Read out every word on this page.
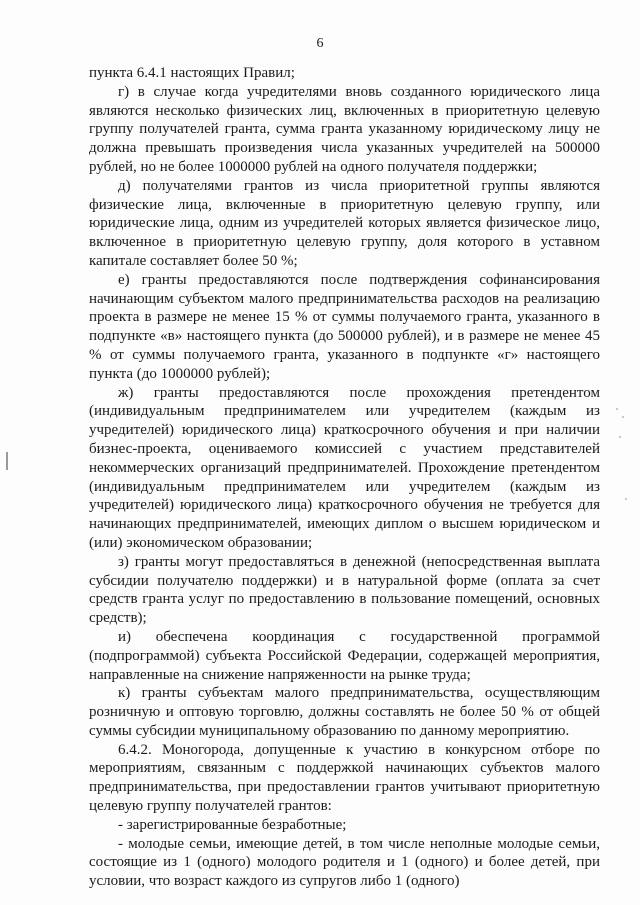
6

пункта 6.4.1 настоящих Правил;

г) в случае когда учредителями вновь созданного юридического лица являются несколько физических лиц, включенных в приоритетную целевую группу получателей гранта, сумма гранта указанному юридическому лицу не должна превышать произведения числа указанных учредителей на 500000 рублей, но не более 1000000 рублей на одного получателя поддержки;

д) получателями грантов из числа приоритетной группы являются физические лица, включенные в приоритетную целевую группу, или юридические лица, одним из учредителей которых является физическое лицо, включенное в приоритетную целевую группу, доля которого в уставном капитале составляет более 50 %;

е) гранты предоставляются после подтверждения софинансирования начинающим субъектом малого предпринимательства расходов на реализацию проекта в размере не менее 15 % от суммы получаемого гранта, указанного в подпункте «в» настоящего пункта (до 500000 рублей), и в размере не менее 45 % от суммы получаемого гранта, указанного в подпункте «г» настоящего пункта (до 1000000 рублей);

ж) гранты предоставляются после прохождения претендентом (индивидуальным предпринимателем или учредителем (каждым из учредителей) юридического лица) краткосрочного обучения и при наличии бизнес-проекта, оцениваемого комиссией с участием представителей некоммерческих организаций предпринимателей. Прохождение претендентом (индивидуальным предпринимателем или учредителем (каждым из учредителей) юридического лица) краткосрочного обучения не требуется для начинающих предпринимателей, имеющих диплом о высшем юридическом и (или) экономическом образовании;

з) гранты могут предоставляться в денежной (непосредственная выплата субсидии получателю поддержки) и в натуральной форме (оплата за счет средств гранта услуг по предоставлению в пользование помещений, основных средств);

и) обеспечена координация с государственной программой (подпрограммой) субъекта Российской Федерации, содержащей мероприятия, направленные на снижение напряженности на рынке труда;

к) гранты субъектам малого предпринимательства, осуществляющим розничную и оптовую торговлю, должны составлять не более 50 % от общей суммы субсидии муниципальному образованию по данному мероприятию.

6.4.2. Моногорода, допущенные к участию в конкурсном отборе по мероприятиям, связанным с поддержкой начинающих субъектов малого предпринимательства, при предоставлении грантов учитывают приоритетную целевую группу получателей грантов:

- зарегистрированные безработные;

- молодые семьи, имеющие детей, в том числе неполные молодые семьи, состоящие из 1 (одного) молодого родителя и 1 (одного) и более детей, при условии, что возраст каждого из супругов либо 1 (одного)
